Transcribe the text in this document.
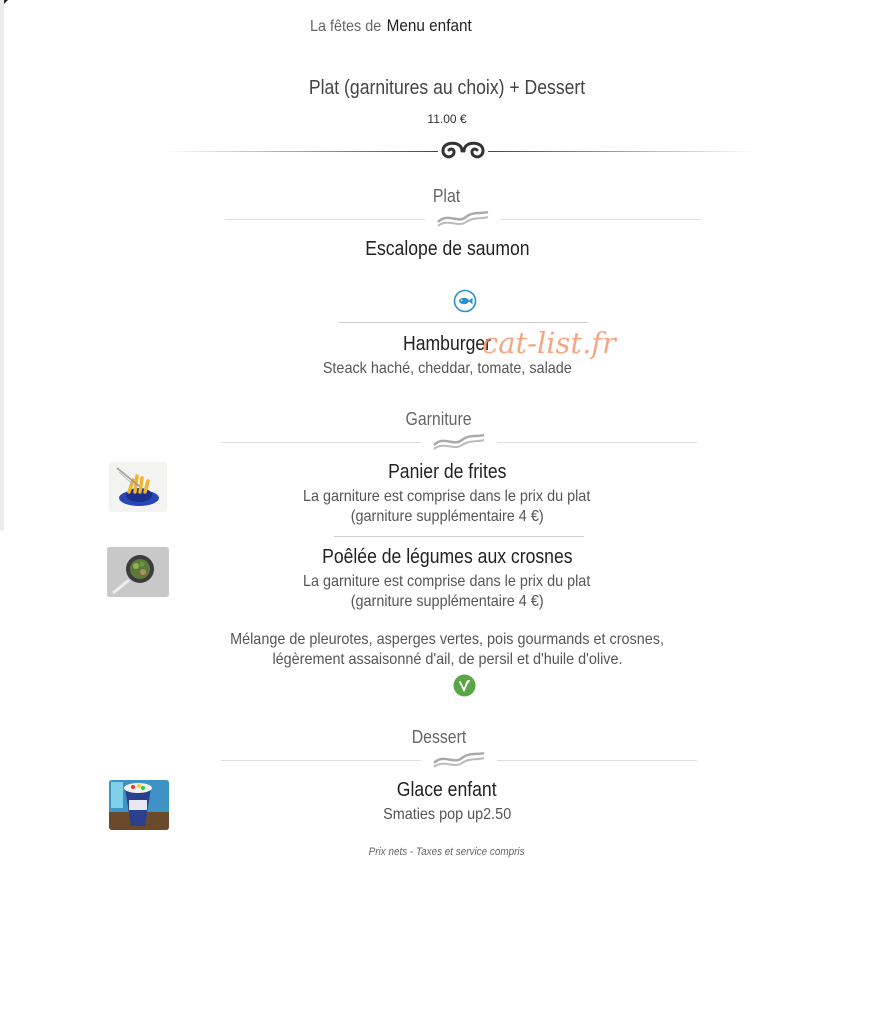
La fêtes de Menu enfant
Plat (garnitures au choix) + Dessert
11.00 €
Plat
Escalope de saumon
Hamburger
Steack haché, cheddar, tomate, salade
cat-list.fr
Garniture
Panier de frites
La garniture est comprise dans le prix du plat
(garniture supplémentaire 4 €)
Poêlée de légumes aux crosnes
La garniture est comprise dans le prix du plat
(garniture supplémentaire 4 €)
Mélange de pleurotes, asperges vertes, pois gourmands et crosnes,
légèrement assaisonné d'ail, de persil et d'huile d'olive.
Dessert
Glace enfant
Smaties pop up2.50
Prix nets - Taxes et service compris
